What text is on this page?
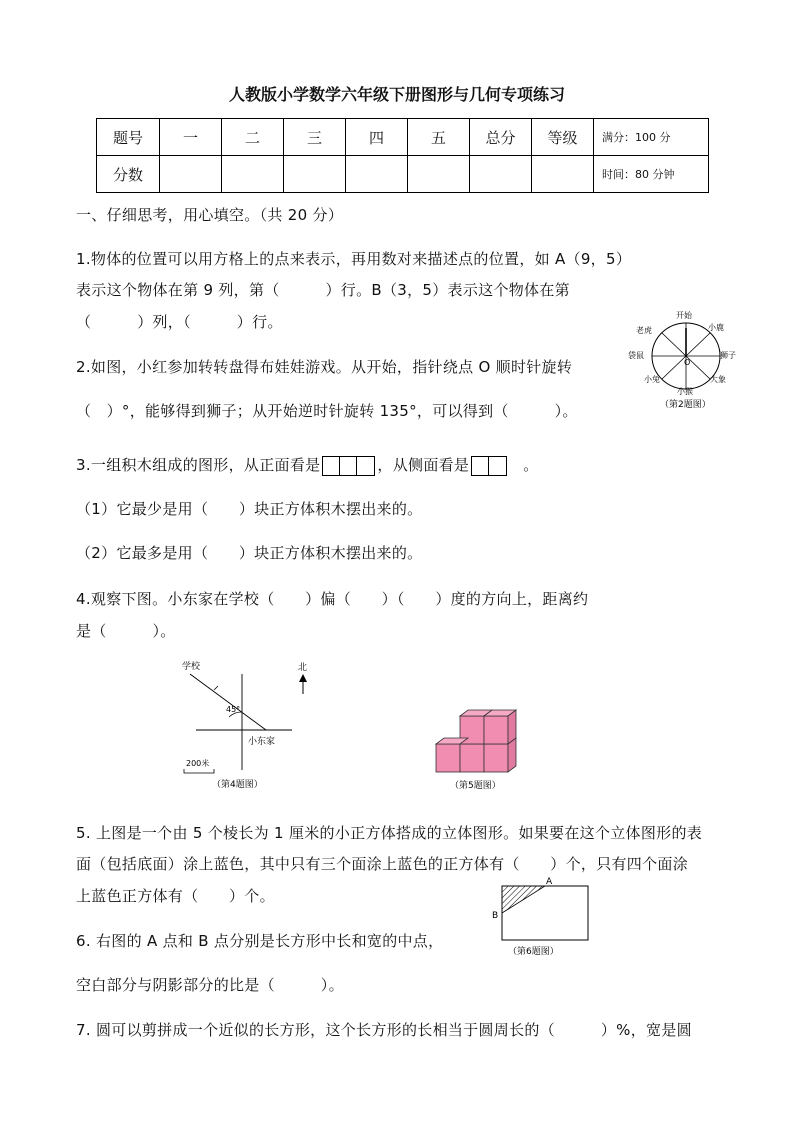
人教版小学数学六年级下册图形与几何专项练习
题号	一	二	三	四	五	总分	等级	满分：100 分
分数								时间：80 分钟
一、仔细思考，用心填空。（共 20 分）
1.物体的位置可以用方格上的点来表示，再用数对来描述点的位置，如 A（9，5）
表示这个物体在第 9 列，第（　　　）行。B（3，5）表示这个物体在第
（　　　）列，（　　　）行。
2.如图，小红参加转转盘得布娃娃游戏。从开始，指针绕点 O 顺时针旋转
（　）°，能够得到狮子；从开始逆时针旋转 135°，可以得到（　　　）。
O
开始
小鹿
狮子
大象
小猴
小兔
袋鼠
老虎
（第2题图）
3.一组积木组成的图形，从正面看是	，从侧面看是	。
（1）它最少是用（　　）块正方体积木摆出来的。
（2）它最多是用（　　）块正方体积木摆出来的。
4.观察下图。小东家在学校（　　）偏（　　）（　　）度的方向上，距离约
是（　　　）。
学校
45°
小东家
北
200米
（第4题图）	（第5题图）
5. 上图是一个由 5 个棱长为 1 厘米的小正方体搭成的立体图形。如果要在这个立体图形的表
面（包括底面）涂上蓝色，其中只有三个面涂上蓝色的正方体有（　　）个，只有四个面涂
上蓝色正方体有（　　）个。
6. 右图的 A 点和 B 点分别是长方形中长和宽的中点，
空白部分与阴影部分的比是（　　　）。
A
B
（第6题图）
7. 圆可以剪拼成一个近似的长方形，这个长方形的长相当于圆周长的（　　　）%，宽是圆
